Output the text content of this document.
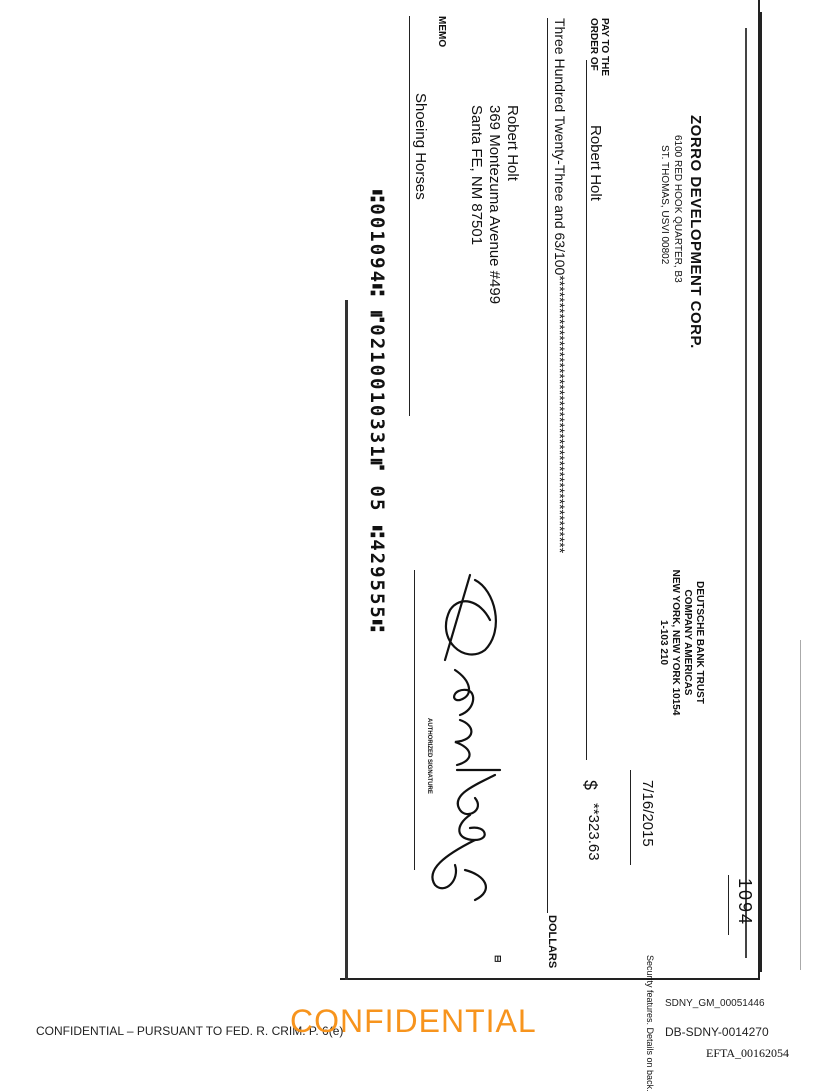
1094
ZORRO DEVELOPMENT CORP.
6100 RED HOOK QUARTER, B3
ST. THOMAS, USVI 00802
DEUTSCHE BANK TRUST
COMPANY AMERICAS
NEW YORK, NEW YORK 10154
1-103 210
7/16/2015
PAY TO THE
ORDER OF
Robert Holt
$
**323.63
Three Hundred Twenty-Three and 63/100***************************************************
DOLLARS
Robert Holt
369 Montezuma Avenue #499
Santa FE, NM 87501
MEMO
Shoeing Horses
AUTHORIZED SIGNATURE
⊟	Security features. Details on back.
⑆001094⑆ ⑈0210010331⑈ 05 ⑆429555⑆
CONFIDENTIAL – PURSUANT TO FED. R. CRIM. P. 6(e)
CONFIDENTIAL	SDNY_GM_00051446
DB-SDNY-0014270
EFTA_00162054
